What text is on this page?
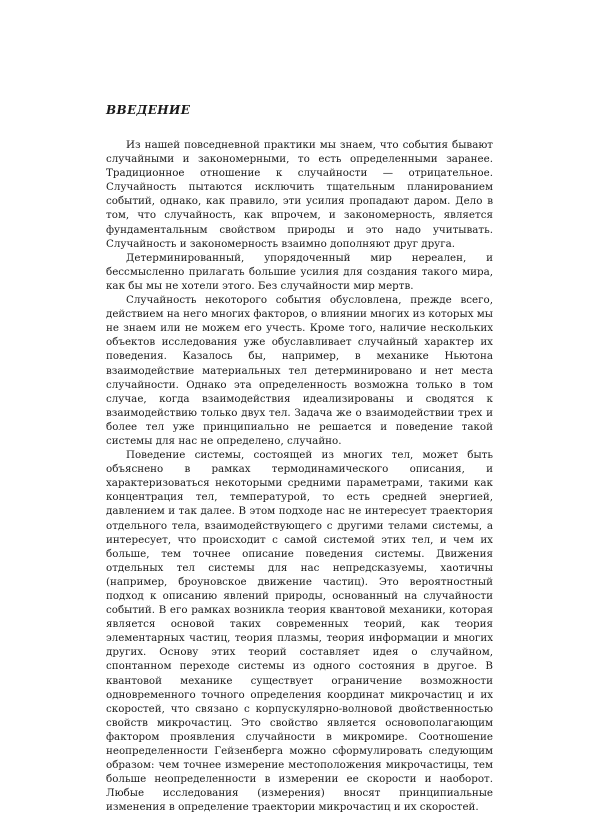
ВВЕДЕНИЕ

Из нашей повседневной практики мы знаем, что события бывают случайными и закономерными, то есть определенными заранее. Традиционное отношение к случайности — отрицательное. Случайность пытаются исключить тщательным планированием событий, однако, как правило, эти усилия пропадают даром. Дело в том, что случайность, как впрочем, и закономерность, является фундаментальным свойством природы и это надо учитывать. Случайность и закономерность взаимно дополняют друг друга.

Детерминированный, упорядоченный мир нереален, и бессмысленно прилагать большие усилия для создания такого мира, как бы мы не хотели этого. Без случайности мир мертв.

Случайность некоторого события обусловлена, прежде всего, действием на него многих факторов, о влиянии многих из которых мы не знаем или не можем его учесть. Кроме того, наличие нескольких объектов исследования уже обуславливает случайный характер их поведения. Казалось бы, например, в механике Ньютона взаимодействие материальных тел детерминировано и нет места случайности. Однако эта определенность возможна только в том случае, когда взаимодействия идеализированы и сводятся к взаимодействию только двух тел. Задача же о взаимодействии трех и более тел уже принципиально не решается и поведение такой системы для нас не определено, случайно.

Поведение системы, состоящей из многих тел, может быть объяснено в рамках термодинамического описания, и характеризоваться некоторыми средними параметрами, такими как концентрация тел, температурой, то есть средней энергией, давлением и так далее. В этом подходе нас не интересует траектория отдельного тела, взаимодействующего с другими телами системы, а интересует, что происходит с самой системой этих тел, и чем их больше, тем точнее описание поведения системы. Движения отдельных тел системы для нас непредсказуемы, хаотичны (например, броуновское движение частиц). Это вероятностный подход к описанию явлений природы, основанный на случайности событий. В его рамках возникла теория квантовой механики, которая является основой таких современных теорий, как теория элементарных частиц, теория плазмы, теория информации и многих других. Основу этих теорий составляет идея о случайном, спонтанном переходе системы из одного состояния в другое. В квантовой механике существует ограничение возможности одновременного точного определения координат микрочастиц и их скоростей, что связано с корпускулярно-волновой двойственностью свойств микрочастиц. Это свойство является основополагающим фактором проявления случайности в микромире. Соотношение неопределенности Гейзенберга можно сформулировать следующим образом: чем точнее измерение местоположения микрочастицы, тем больше неопределенности в измерении ее скорости и наоборот. Любые исследования (измерения) вносят принципиальные изменения в определение траектории микрочастиц и их скоростей.
